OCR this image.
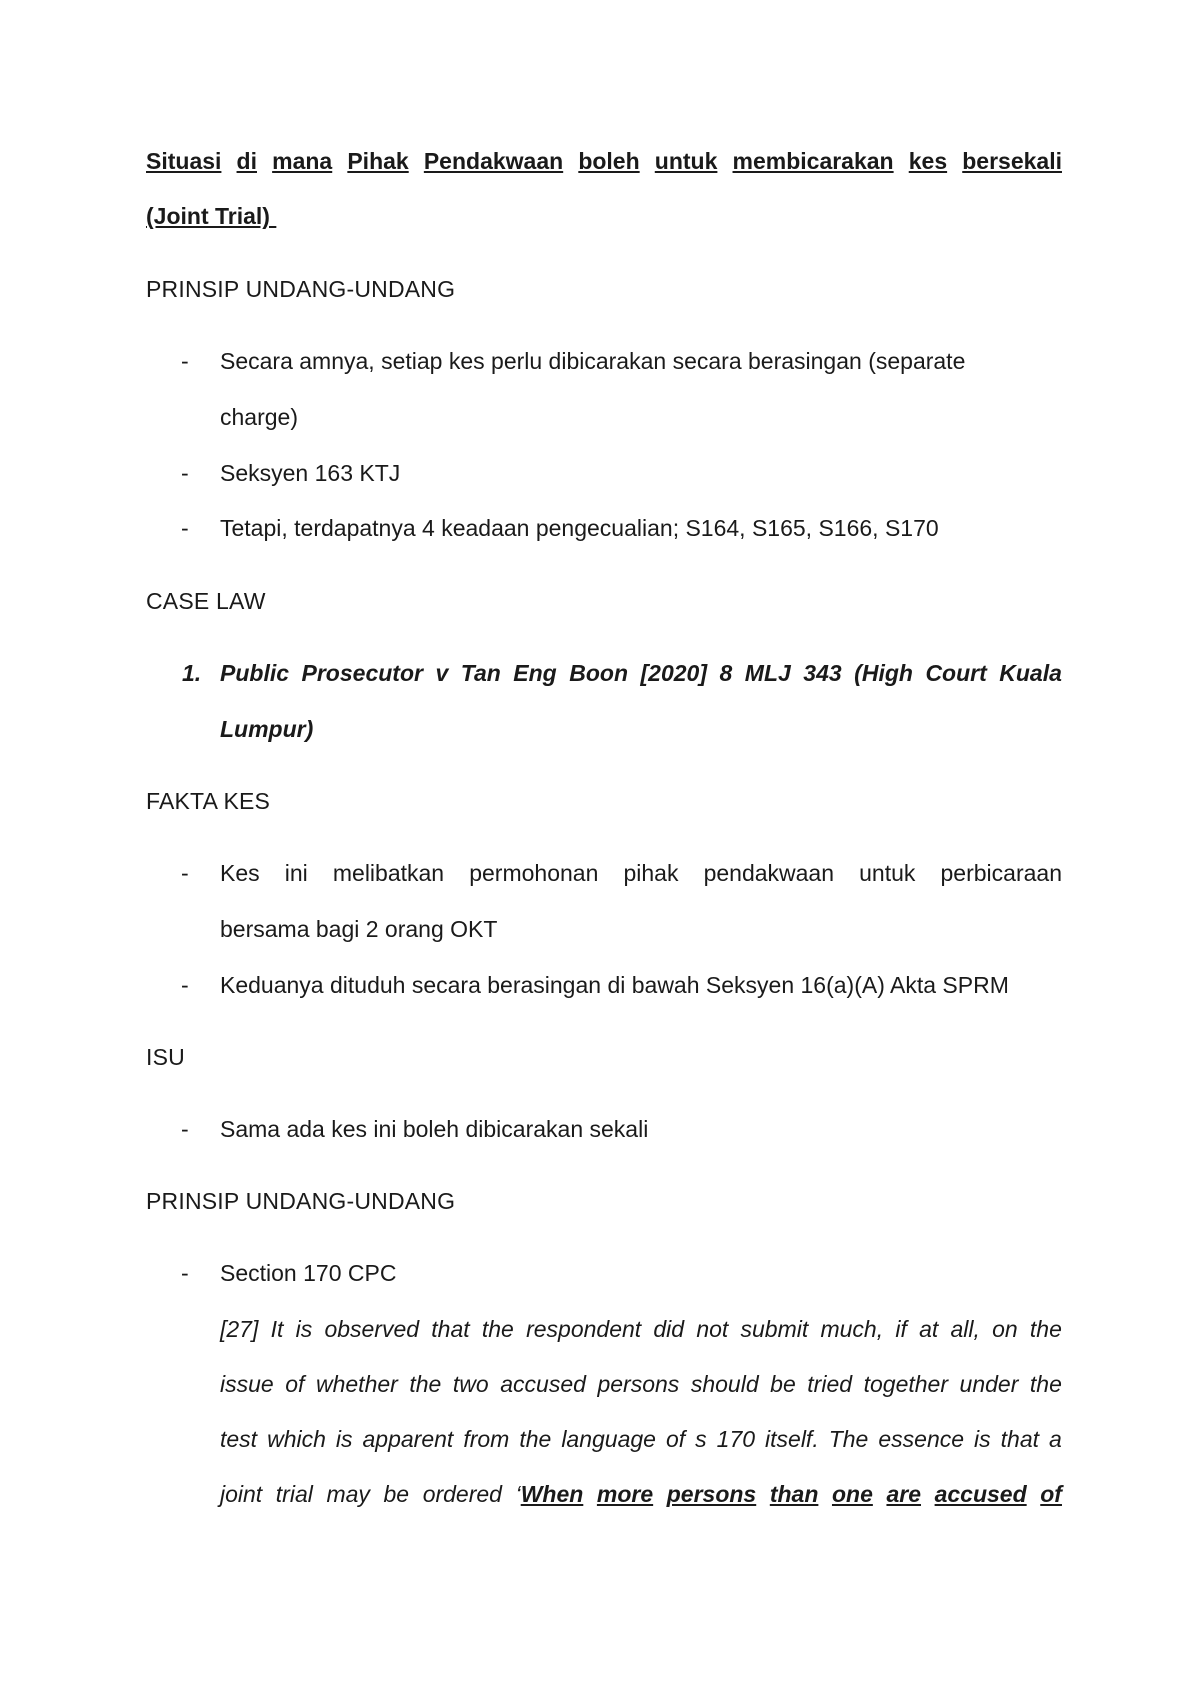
Situasi di mana Pihak Pendakwaan boleh untuk membicarakan kes bersekali
(Joint Trial)
PRINSIP UNDANG-UNDANG
- Secara amnya, setiap kes perlu dibicarakan secara berasingan (separate
charge)
- Seksyen 163 KTJ
- Tetapi, terdapatnya 4 keadaan pengecualian; S164, S165, S166, S170
CASE LAW
1. Public Prosecutor v Tan Eng Boon [2020] 8 MLJ 343 (High Court Kuala
Lumpur)
FAKTA KES
- Kes ini melibatkan permohonan pihak pendakwaan untuk perbicaraan
bersama bagi 2 orang OKT
- Keduanya dituduh secara berasingan di bawah Seksyen 16(a)(A) Akta SPRM
ISU
- Sama ada kes ini boleh dibicarakan sekali
PRINSIP UNDANG-UNDANG
- Section 170 CPC
[27] It is observed that the respondent did not submit much, if at all, on the
issue of whether the two accused persons should be tried together under the
test which is apparent from the language of s 170 itself. The essence is that a
joint trial may be ordered ‘When more persons than one are accused of
